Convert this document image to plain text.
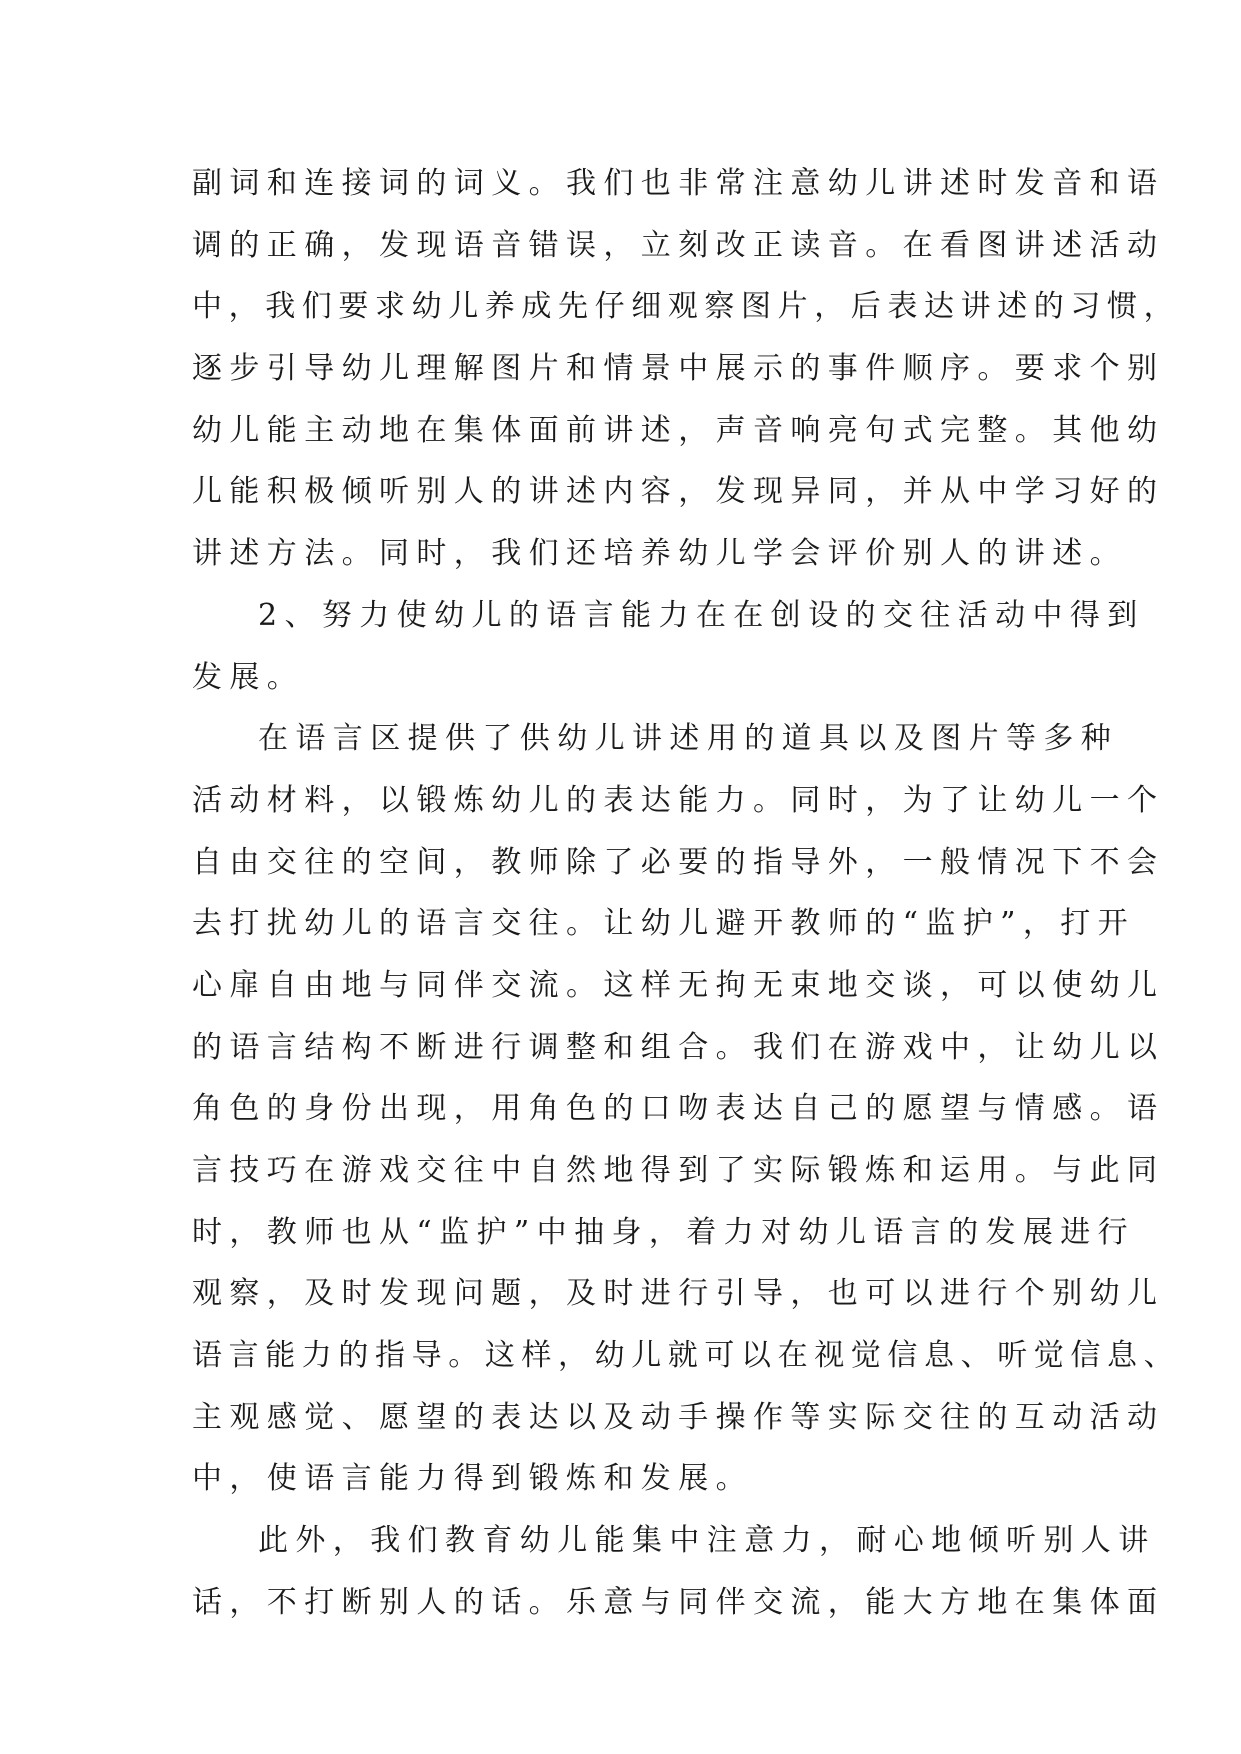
副词和连接词的词义。我们也非常注意幼儿讲述时发音和语
调的正确，发现语音错误，立刻改正读音。在看图讲述活动
中，我们要求幼儿养成先仔细观察图片，后表达讲述的习惯，
逐步引导幼儿理解图片和情景中展示的事件顺序。要求个别
幼儿能主动地在集体面前讲述，声音响亮句式完整。其他幼
儿能积极倾听别人的讲述内容，发现异同，并从中学习好的
讲述方法。同时，我们还培养幼儿学会评价别人的讲述。
2、努力使幼儿的语言能力在在创设的交往活动中得到
发展。
在语言区提供了供幼儿讲述用的道具以及图片等多种
活动材料，以锻炼幼儿的表达能力。同时，为了让幼儿一个
自由交往的空间，教师除了必要的指导外，一般情况下不会
去打扰幼儿的语言交往。让幼儿避开教师的“监护”，打开
心扉自由地与同伴交流。这样无拘无束地交谈，可以使幼儿
的语言结构不断进行调整和组合。我们在游戏中，让幼儿以
角色的身份出现，用角色的口吻表达自己的愿望与情感。语
言技巧在游戏交往中自然地得到了实际锻炼和运用。与此同
时，教师也从“监护”中抽身，着力对幼儿语言的发展进行
观察，及时发现问题，及时进行引导，也可以进行个别幼儿
语言能力的指导。这样，幼儿就可以在视觉信息、听觉信息、
主观感觉、愿望的表达以及动手操作等实际交往的互动活动
中，使语言能力得到锻炼和发展。
此外，我们教育幼儿能集中注意力，耐心地倾听别人讲
话，不打断别人的话。乐意与同伴交流，能大方地在集体面
